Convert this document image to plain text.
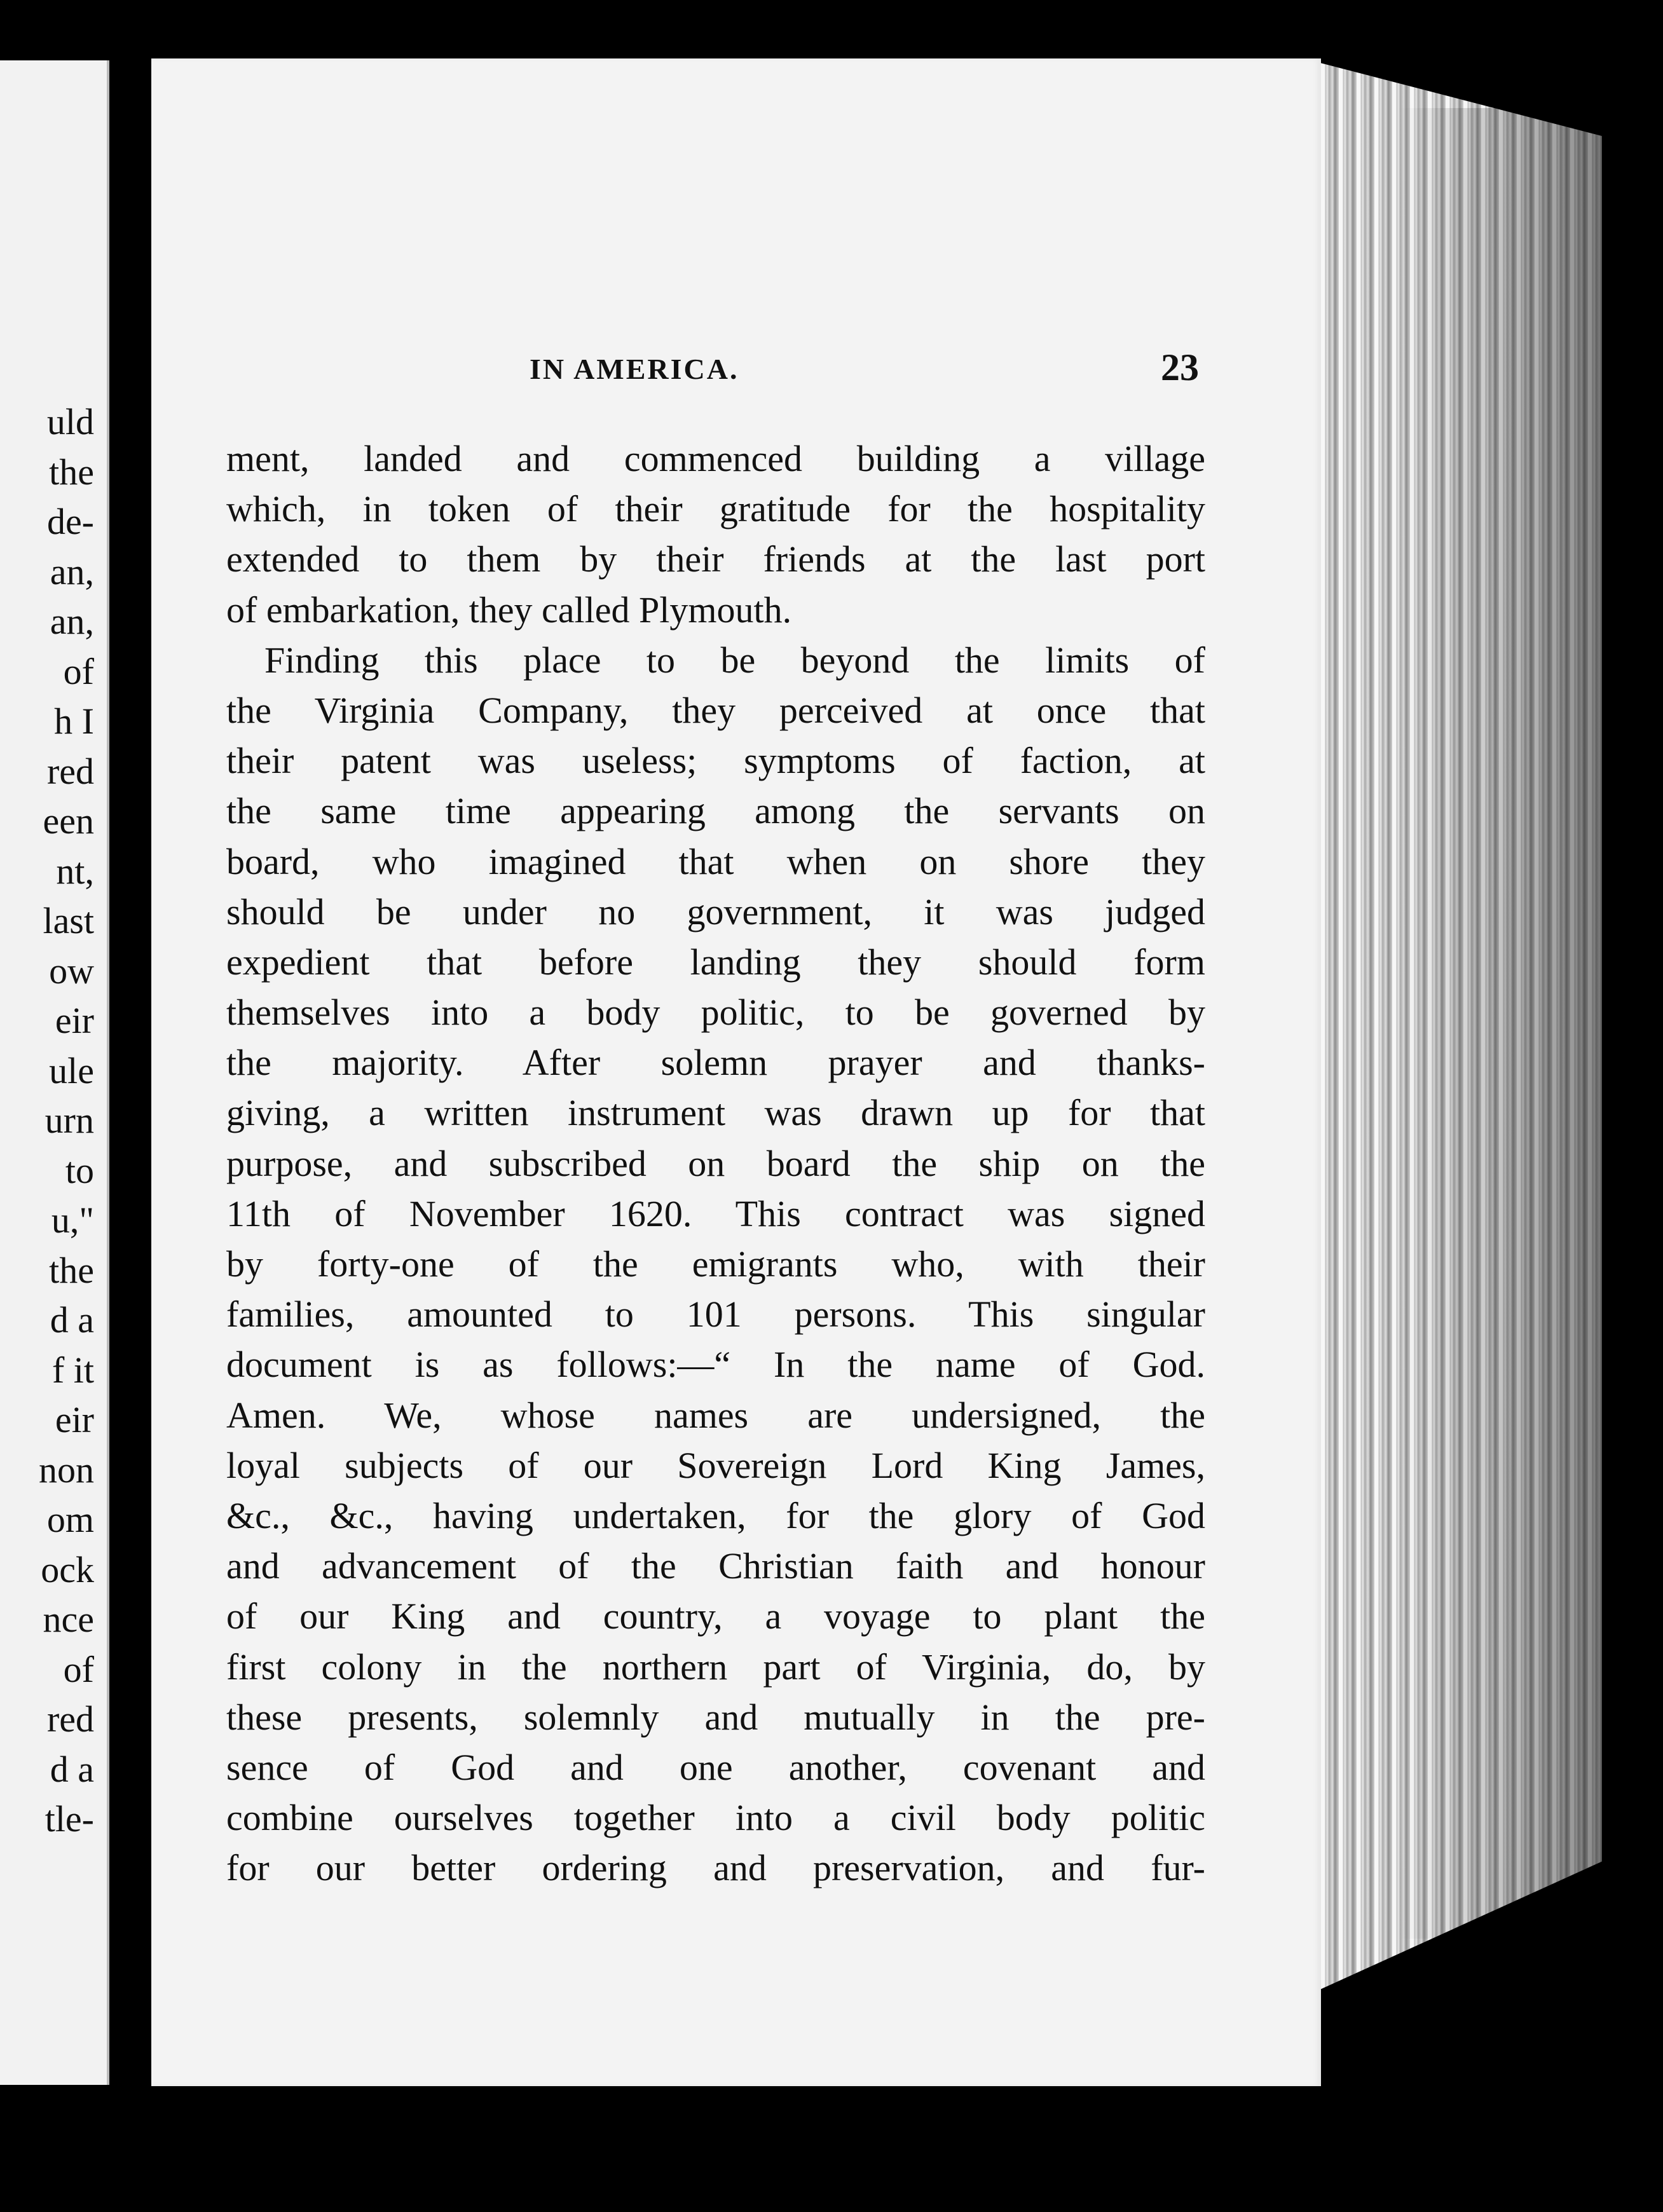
uld
the
de-
an,
an,
of
h I
red
een
nt,
last
ow
eir
ule
urn
to
u,"
the
d a
f it
eir
non
om
ock
nce
of
red
d a
tle-
IN AMERICA.	23
ment, landed and commenced building a village
which, in token of their gratitude for the hospitality
extended to them by their friends at the last port
of embarkation, they called Plymouth.
Finding this place to be beyond the limits of
the Virginia Company, they perceived at once that
their patent was useless; symptoms of faction, at
the same time appearing among the servants on
board, who imagined that when on shore they
should be under no government, it was judged
expedient that before landing they should form
themselves into a body politic, to be governed by
the majority. After solemn prayer and thanks-
giving, a written instrument was drawn up for that
purpose, and subscribed on board the ship on the
11th of November 1620. This contract was signed
by forty-one of the emigrants who, with their
families, amounted to 101 persons. This singular
document is as follows:—“ In the name of God.
Amen. We, whose names are undersigned, the
loyal subjects of our Sovereign Lord King James,
&c., &c., having undertaken, for the glory of God
and advancement of the Christian faith and honour
of our King and country, a voyage to plant the
first colony in the northern part of Virginia, do, by
these presents, solemnly and mutually in the pre-
sence of God and one another, covenant and
combine ourselves together into a civil body politic
for our better ordering and preservation, and fur-
